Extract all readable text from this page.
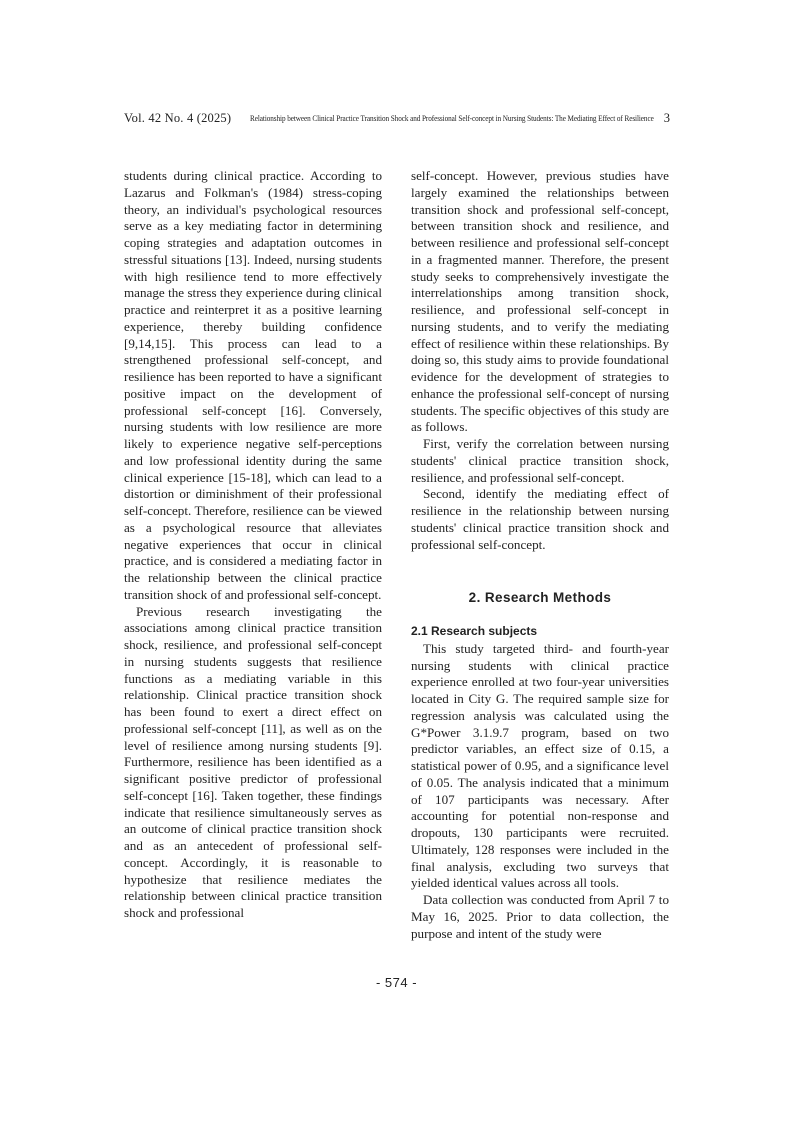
Vol. 42 No. 4 (2025) Relationship between Clinical Practice Transition Shock and Professional Self-concept in Nursing Students: The Mediating Effect of Resilience 3

students during clinical practice. According to Lazarus and Folkman's (1984) stress-coping theory, an individual's psychological resources serve as a key mediating factor in determining coping strategies and adaptation outcomes in stressful situations [13]. Indeed, nursing students with high resilience tend to more effectively manage the stress they experience during clinical practice and reinterpret it as a positive learning experience, thereby building confidence [9,14,15]. This process can lead to a strengthened professional self-concept, and resilience has been reported to have a significant positive impact on the development of professional self-concept [16]. Conversely, nursing students with low resilience are more likely to experience negative self-perceptions and low professional identity during the same clinical experience [15-18], which can lead to a distortion or diminishment of their professional self-concept. Therefore, resilience can be viewed as a psychological resource that alleviates negative experiences that occur in clinical practice, and is considered a mediating factor in the relationship between the clinical practice transition shock of and professional self-concept.

Previous research investigating the associations among clinical practice transition shock, resilience, and professional self-concept in nursing students suggests that resilience functions as a mediating variable in this relationship. Clinical practice transition shock has been found to exert a direct effect on professional self-concept [11], as well as on the level of resilience among nursing students [9]. Furthermore, resilience has been identified as a significant positive predictor of professional self-concept [16]. Taken together, these findings indicate that resilience simultaneously serves as an outcome of clinical practice transition shock and as an antecedent of professional self-concept. Accordingly, it is reasonable to hypothesize that resilience mediates the relationship between clinical practice transition shock and professional

self-concept. However, previous studies have largely examined the relationships between transition shock and professional self-concept, between transition shock and resilience, and between resilience and professional self-concept in a fragmented manner. Therefore, the present study seeks to comprehensively investigate the interrelationships among transition shock, resilience, and professional self-concept in nursing students, and to verify the mediating effect of resilience within these relationships. By doing so, this study aims to provide foundational evidence for the development of strategies to enhance the professional self-concept of nursing students. The specific objectives of this study are as follows.

First, verify the correlation between nursing students' clinical practice transition shock, resilience, and professional self-concept.

Second, identify the mediating effect of resilience in the relationship between nursing students' clinical practice transition shock and professional self-concept.

2. Research Methods

2.1 Research subjects

This study targeted third- and fourth-year nursing students with clinical practice experience enrolled at two four-year universities located in City G. The required sample size for regression analysis was calculated using the G*Power 3.1.9.7 program, based on two predictor variables, an effect size of 0.15, a statistical power of 0.95, and a significance level of 0.05. The analysis indicated that a minimum of 107 participants was necessary. After accounting for potential non-response and dropouts, 130 participants were recruited. Ultimately, 128 responses were included in the final analysis, excluding two surveys that yielded identical values across all tools.

Data collection was conducted from April 7 to May 16, 2025. Prior to data collection, the purpose and intent of the study were

- 574 -
